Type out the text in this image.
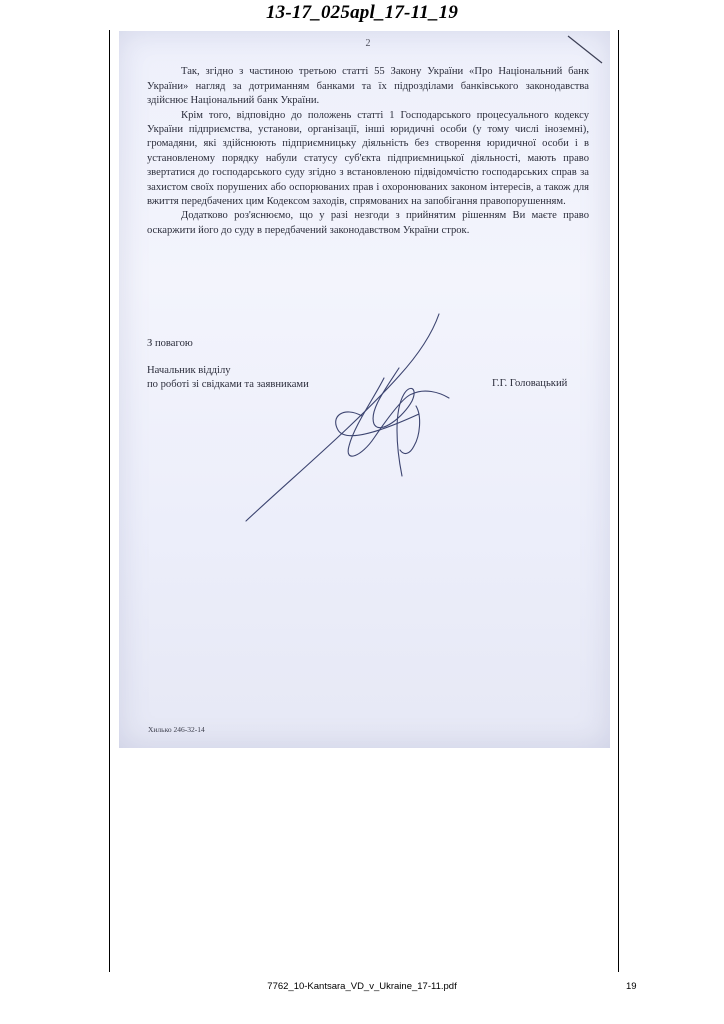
13-17_025apl_17-11_19
2

Так, згідно з частиною третьою статті 55 Закону України «Про Національний банк України» нагляд за дотриманням банками та їх підрозділами банківського законодавства здійснює Національний банк України.

Крім того, відповідно до положень статті 1 Господарського процесуального кодексу України підприємства, установи, організації, інші юридичні особи (у тому числі іноземні), громадяни, які здійснюють підприємницьку діяльність без створення юридичної особи і в установленому порядку набули статусу суб'єкта підприємницької діяльності, мають право звертатися до господарського суду згідно з встановленою підвідомчістю господарських справ за захистом своїх порушених або оспорюваних прав і охоронюваних законом інтересів, а також для вжиття передбачених цим Кодексом заходів, спрямованих на запобігання правопорушенням.

Додатково роз'яснюємо, що у разі незгоди з прийнятим рішенням Ви маєте право оскаржити його до суду в передбачений законодавством України строк.

З повагою
Начальник відділу
по роботі зі свідками та заявниками	Г.Г. Головацький
Хилько 246-32-14
7762_10-Kantsara_VD_v_Ukraine_17-11.pdf	19
